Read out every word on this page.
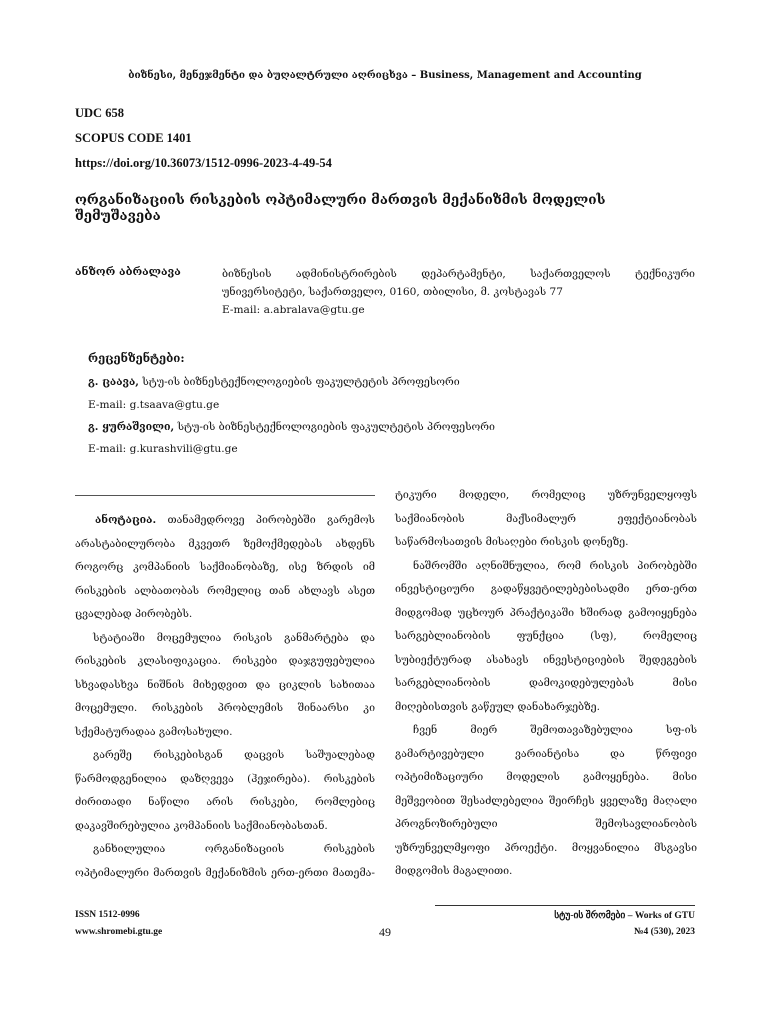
ბიზნესი, მენეჯმენტი და ბუღალტრული აღრიცხვა – Business, Management and Accounting
UDC 658
SCOPUS CODE 1401
https://doi.org/10.36073/1512-0996-2023-4-49-54
ორგანიზაციის რისკების ოპტიმალური მართვის მექანიზმის მოდელის შემუშავება
ანზორ აბრალავა	ბიზნესის ადმინისტრირების დეპარტამენტი, საქართველოს ტექნიკური
უნივერსიტეტი, საქართველო, 0160, თბილისი, მ. კოსტავას 77
E-mail: a.abralava@gtu.ge
რეცენზენტები:
გ. ცაავა, სტუ-ის ბიზნესტექნოლოგიების ფაკულტეტის პროფესორი
E-mail: g.tsaava@gtu.ge
გ. ყურაშვილი, სტუ-ის ბიზნესტექნოლოგიების ფაკულტეტის პროფესორი
E-mail: g.kurashvili@gtu.ge

ანოტაცია. თანამედროვე პირობებში გარემოს არასტაბილურობა მკვეთრ ზემოქმედებას ახდენს როგორც კომპანიის საქმიანობაზე, ისე ზრდის იმ რისკების ალბათობას რომელიც თან ახლავს ასეთ ცვალებად პირობებს.

სტატიაში მოცემულია რისკის განმარტება და რისკების კლასიფიკაცია. რისკები დაჯგუფებულია სხვადასხვა ნიშნის მიხედვით და ციკლის სახითაა მოცემული. რისკების პრობლემის შინაარსი კი სქემატურადაა გამოსახული.

გარეშე რისკებისგან დაცვის საშუალებად წარმოდგენილია დაზღვევა (ჰეჯირება). რისკების ძირითადი ნაწილი არის რისკები, რომლებიც დაკავშირებულია კომპანიის საქმიანობასთან.

განხილულია ორგანიზაციის რისკების ოპტიმალური მართვის მექანიზმის ერთ-ერთი მათემა-

ტიკური მოდელი, რომელიც უზრუნველყოფს საქმიანობის მაქსიმალურ ეფექტიანობას საწარმოსათვის მისაღები რისკის დონეზე.

ნაშრომში აღნიშნულია, რომ რისკის პირობებში ინვესტიციური გადაწყვეტილებებისადმი ერთ-ერთ მიდგომად უცხოურ პრაქტიკაში ხშირად გამოიყენება სარგებლიანობის ფუნქცია (სფ), რომელიც სუბიექტურად ასახავს ინვესტიციების შედეგების სარგებლიანობის დამოკიდებულებას მისი მიღებისთვის გაწეულ დანახარჯებზე.

ჩვენ მიერ შემოთავაზებულია სფ-ის გამარტივებული ვარიანტისა და წრფივი ოპტიმიზაციური მოდელის გამოყენება. მისი მეშვეობით შესაძლებელია შეირჩეს ყველაზე მაღალი პროგნოზირებული შემოსავლიანობის უზრუნველმყოფი პროექტი. მოყვანილია მსგავსი მიდგომის მაგალითი.

ISSN 1512-0996
www.shromebi.gtu.ge	49
სტუ-ის შრომები – Works of GTU
№4 (530), 2023
